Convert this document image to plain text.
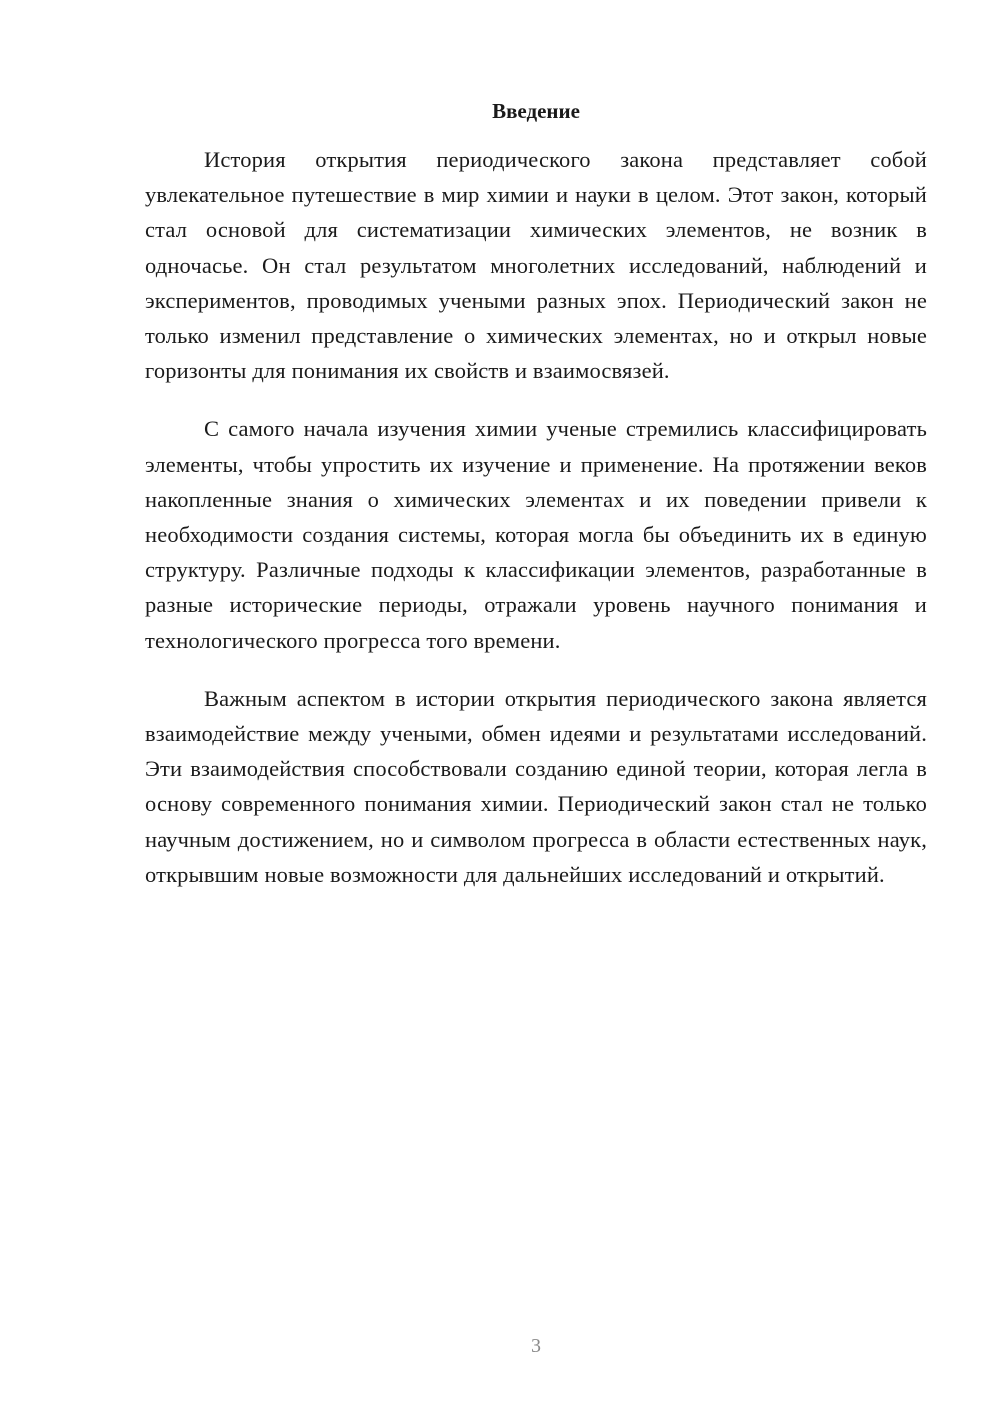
Введение

История открытия периодического закона представляет собой увлекательное путешествие в мир химии и науки в целом. Этот закон, который стал основой для систематизации химических элементов, не возник в одночасье. Он стал результатом многолетних исследований, наблюдений и экспериментов, проводимых учеными разных эпох. Периодический закон не только изменил представление о химических элементах, но и открыл новые горизонты для понимания их свойств и взаимосвязей.

С самого начала изучения химии ученые стремились классифицировать элементы, чтобы упростить их изучение и применение. На протяжении веков накопленные знания о химических элементах и их поведении привели к необходимости создания системы, которая могла бы объединить их в единую структуру. Различные подходы к классификации элементов, разработанные в разные исторические периоды, отражали уровень научного понимания и технологического прогресса того времени.

Важным аспектом в истории открытия периодического закона является взаимодействие между учеными, обмен идеями и результатами исследований. Эти взаимодействия способствовали созданию единой теории, которая легла в основу современного понимания химии. Периодический закон стал не только научным достижением, но и символом прогресса в области естественных наук, открывшим новые возможности для дальнейших исследований и открытий.

3
